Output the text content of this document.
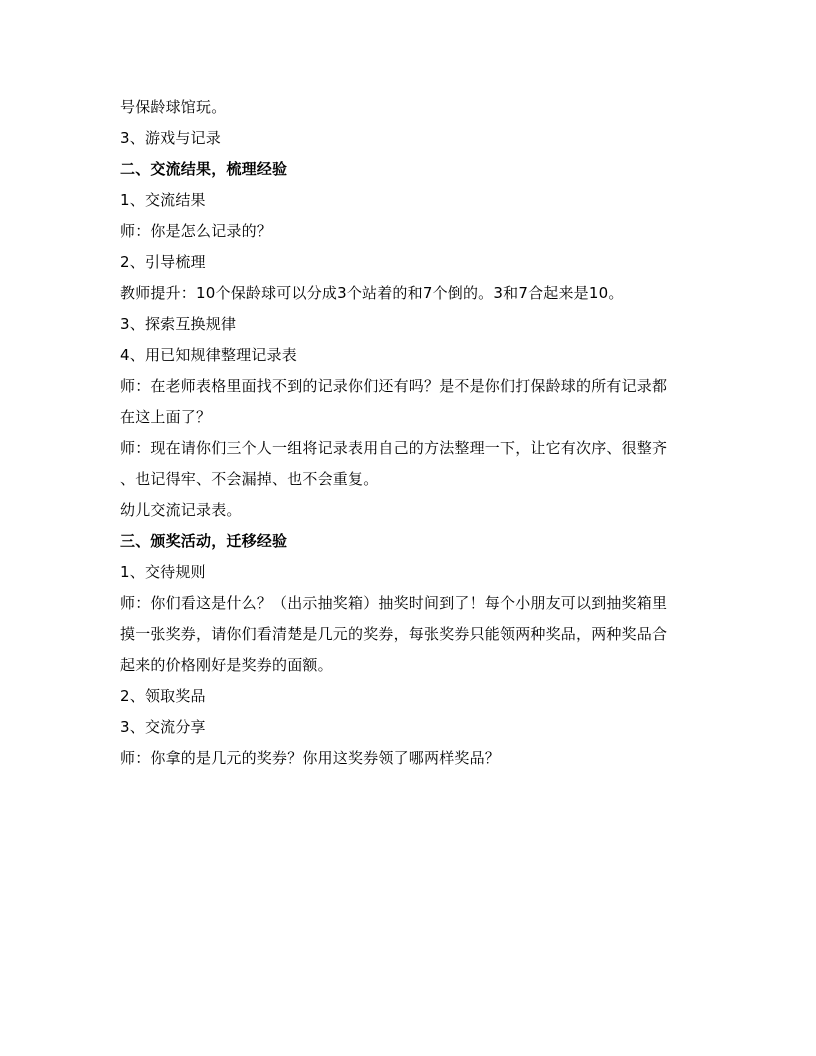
号保龄球馆玩。
3、游戏与记录
二、交流结果，梳理经验
1、交流结果
师：你是怎么记录的？
2、引导梳理
教师提升：10个保龄球可以分成3个站着的和7个倒的。3和7合起来是10。
3、探索互换规律
4、用已知规律整理记录表
师：在老师表格里面找不到的记录你们还有吗？是不是你们打保龄球的所有记录都
在这上面了？
师：现在请你们三个人一组将记录表用自己的方法整理一下，让它有次序、很整齐
、也记得牢、不会漏掉、也不会重复。
幼儿交流记录表。
三、颁奖活动，迁移经验
1、交待规则
师：你们看这是什么？（出示抽奖箱）抽奖时间到了！每个小朋友可以到抽奖箱里
摸一张奖券，请你们看清楚是几元的奖券，每张奖券只能领两种奖品，两种奖品合
起来的价格刚好是奖券的面额。
2、领取奖品
3、交流分享
师：你拿的是几元的奖券？你用这奖券领了哪两样奖品？
